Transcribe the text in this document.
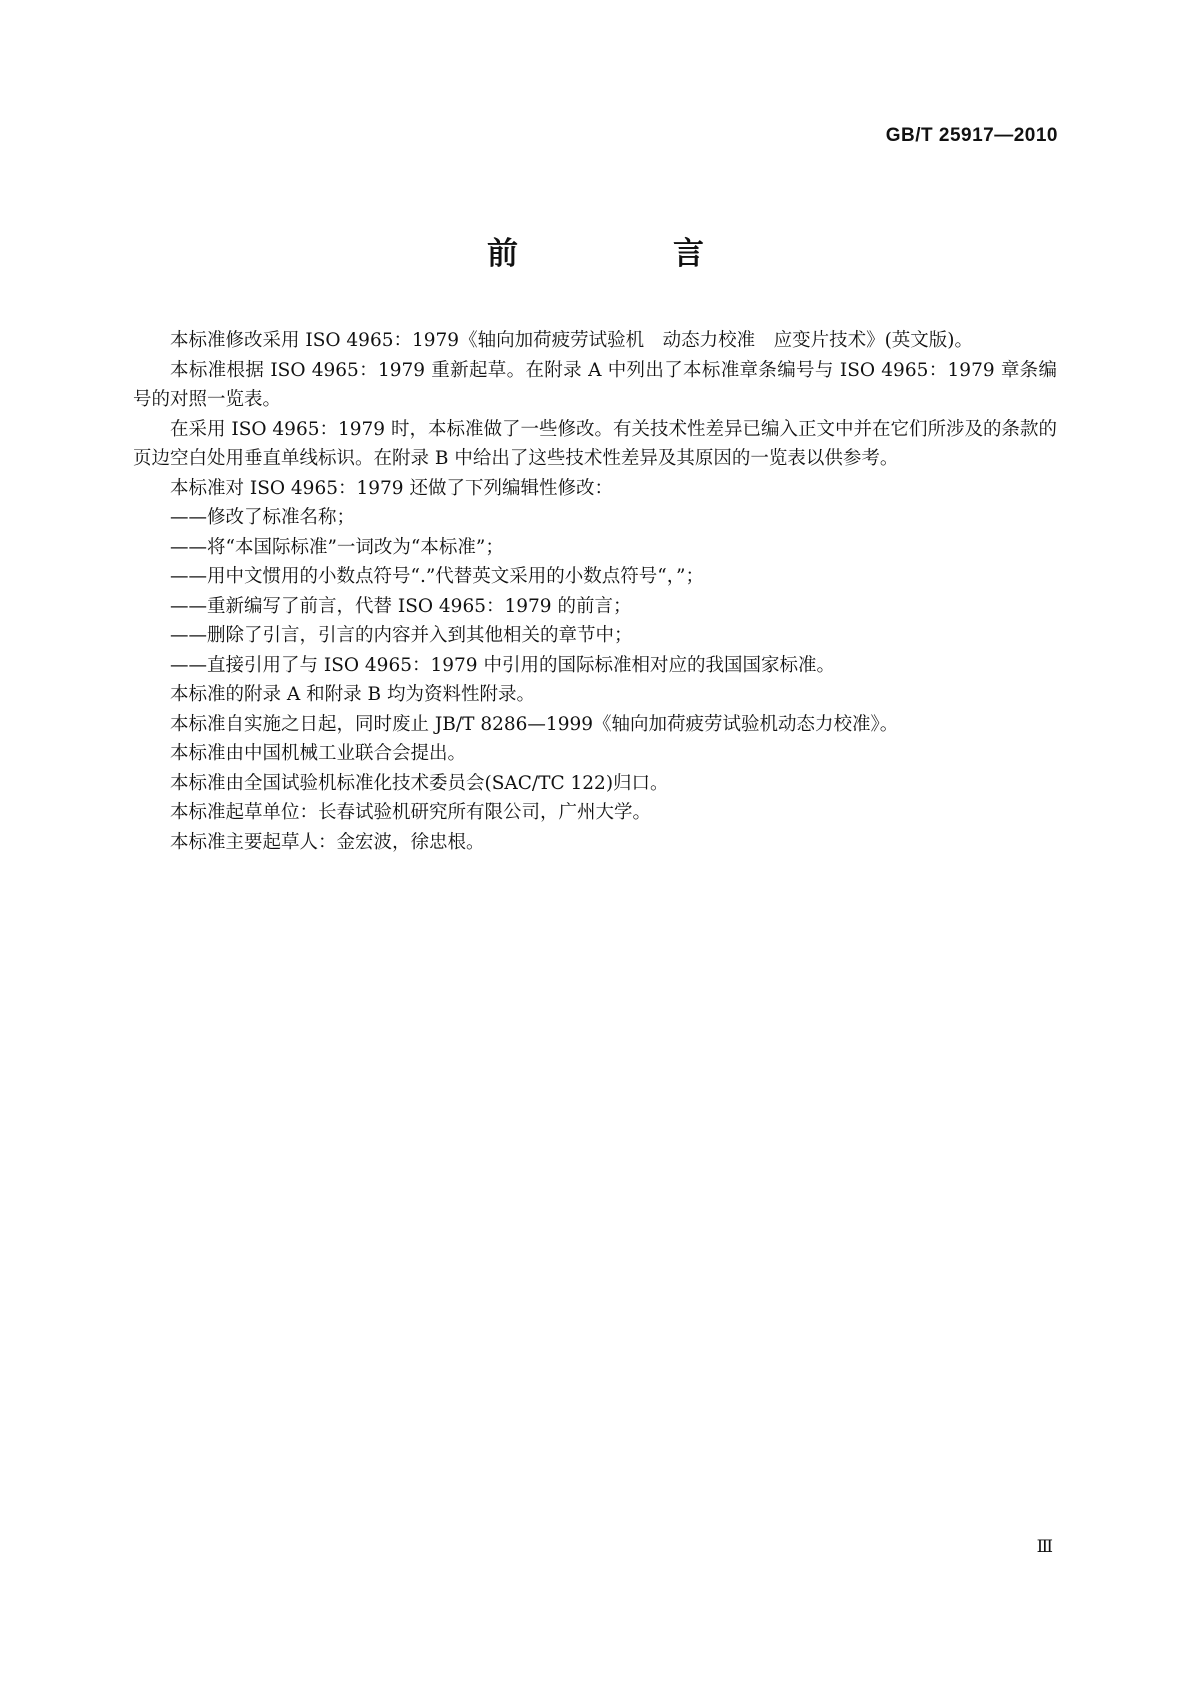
GB/T 25917—2010
前　言

本标准修改采用 ISO 4965：1979《轴向加荷疲劳试验机　动态力校准　应变片技术》(英文版)。

本标准根据 ISO 4965：1979 重新起草。在附录 A 中列出了本标准章条编号与 ISO 4965：1979 章条编号的对照一览表。

在采用 ISO 4965：1979 时，本标准做了一些修改。有关技术性差异已编入正文中并在它们所涉及的条款的页边空白处用垂直单线标识。在附录 B 中给出了这些技术性差异及其原因的一览表以供参考。

本标准对 ISO 4965：1979 还做了下列编辑性修改：

——修改了标准名称；

——将“本国际标准”一词改为“本标准”；

——用中文惯用的小数点符号“.”代替英文采用的小数点符号“，”；

——重新编写了前言，代替 ISO 4965：1979 的前言；

——删除了引言，引言的内容并入到其他相关的章节中；

——直接引用了与 ISO 4965：1979 中引用的国际标准相对应的我国国家标准。

本标准的附录 A 和附录 B 均为资料性附录。

本标准自实施之日起，同时废止 JB/T 8286—1999《轴向加荷疲劳试验机动态力校准》。

本标准由中国机械工业联合会提出。

本标准由全国试验机标准化技术委员会(SAC/TC 122)归口。

本标准起草单位：长春试验机研究所有限公司，广州大学。

本标准主要起草人：金宏波，徐忠根。

Ⅲ
